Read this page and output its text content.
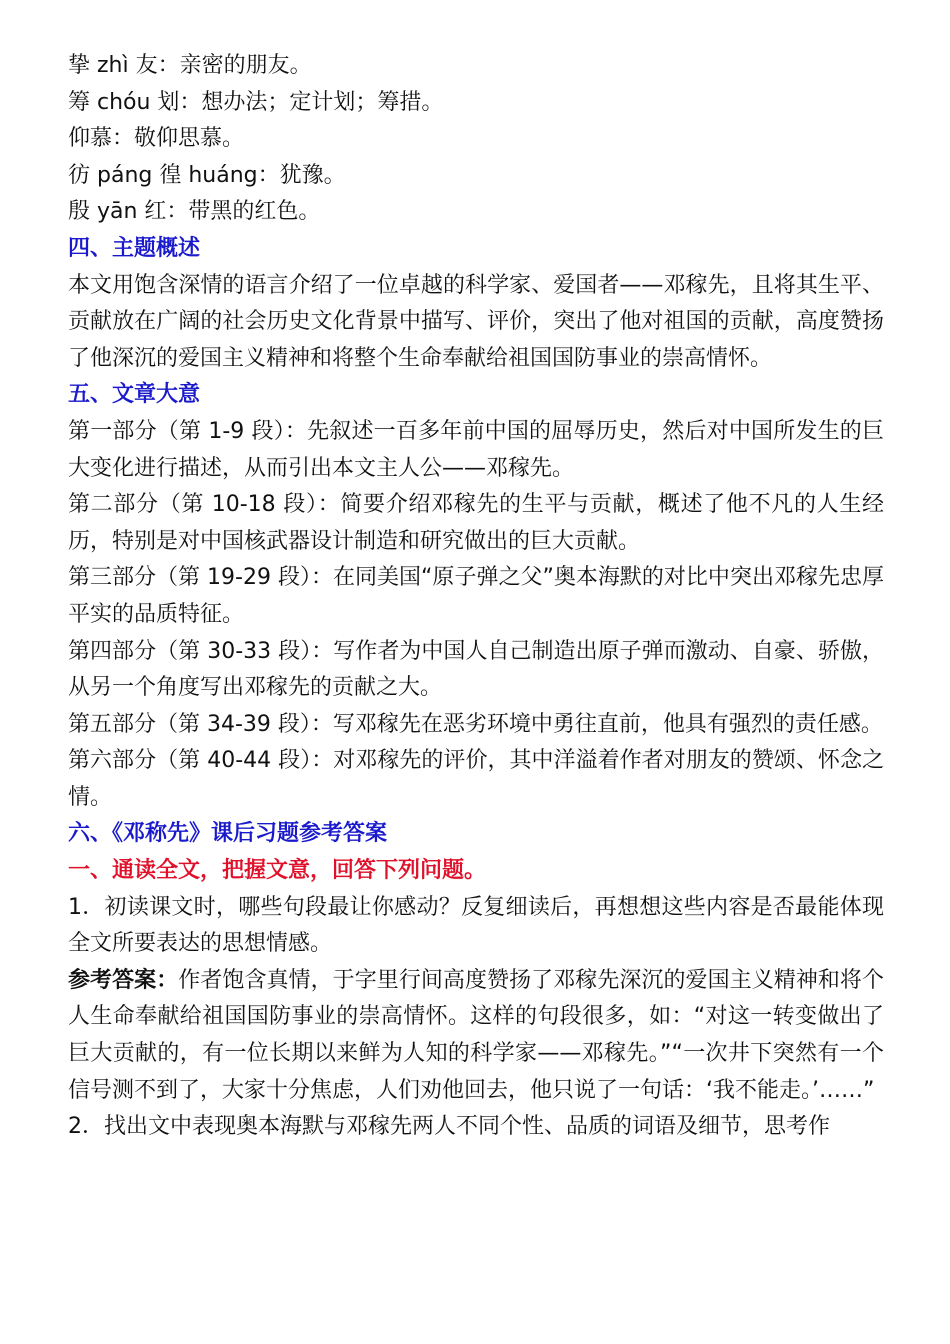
挚 zhì 友：亲密的朋友。
筹 chóu 划：想办法；定计划；筹措。
仰慕：敬仰思慕。
彷 páng 徨 huáng：犹豫。
殷 yān 红：带黑的红色。
四、主题概述
本文用饱含深情的语言介绍了一位卓越的科学家、爱国者——邓稼先，且将其生平、贡献放在广阔的社会历史文化背景中描写、评价，突出了他对祖国的贡献，高度赞扬了他深沉的爱国主义精神和将整个生命奉献给祖国国防事业的崇高情怀。
五、文章大意
第一部分（第 1-9 段）：先叙述一百多年前中国的屈辱历史，然后对中国所发生的巨大变化进行描述，从而引出本文主人公——邓稼先。
第二部分（第 10-18 段）：简要介绍邓稼先的生平与贡献，概述了他不凡的人生经历，特别是对中国核武器设计制造和研究做出的巨大贡献。
第三部分（第 19-29 段）：在同美国“原子弹之父”奥本海默的对比中突出邓稼先忠厚平实的品质特征。
第四部分（第 30-33 段）：写作者为中国人自己制造出原子弹而激动、自豪、骄傲，从另一个角度写出邓稼先的贡献之大。
第五部分（第 34-39 段）：写邓稼先在恶劣环境中勇往直前，他具有强烈的责任感。
第六部分（第 40-44 段）：对邓稼先的评价，其中洋溢着作者对朋友的赞颂、怀念之情。
六、《邓称先》课后习题参考答案
一、通读全文，把握文意，回答下列问题。
1．初读课文时，哪些句段最让你感动？反复细读后，再想想这些内容是否最能体现全文所要表达的思想情感。
参考答案：作者饱含真情，于字里行间高度赞扬了邓稼先深沉的爱国主义精神和将个人生命奉献给祖国国防事业的崇高情怀。这样的句段很多，如：“对这一转变做出了巨大贡献的，有一位长期以来鲜为人知的科学家——邓稼先。”“一次井下突然有一个信号测不到了，大家十分焦虑，人们劝他回去，他只说了一句话：‘我不能走。’……”
2．找出文中表现奥本海默与邓稼先两人不同个性、品质的词语及细节，思考作
